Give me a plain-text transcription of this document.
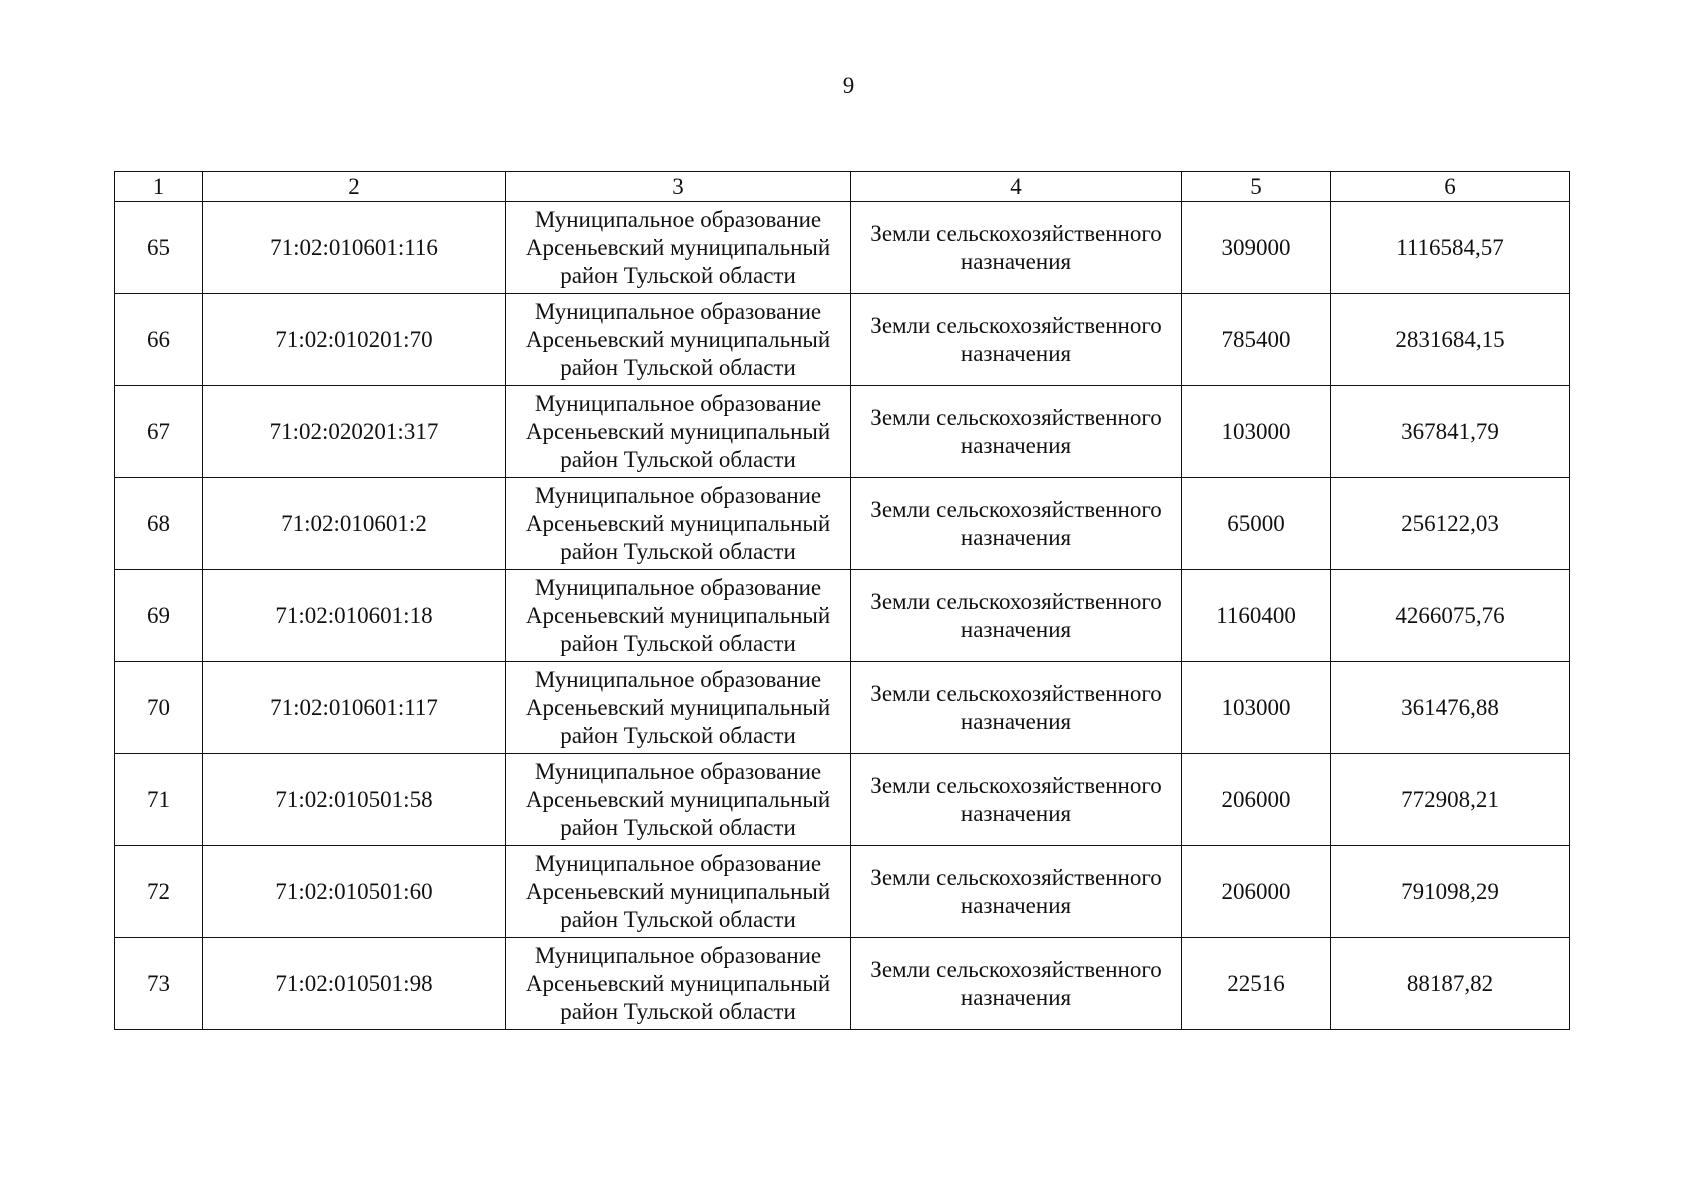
9
1	2	3	4	5	6
65	71:02:010601:116	Муниципальное образование Арсеньевский муниципальный район Тульской области	Земли сельскохозяйственного назначения	309000	1116584,57
66	71:02:010201:70	Муниципальное образование Арсеньевский муниципальный район Тульской области	Земли сельскохозяйственного назначения	785400	2831684,15
67	71:02:020201:317	Муниципальное образование Арсеньевский муниципальный район Тульской области	Земли сельскохозяйственного назначения	103000	367841,79
68	71:02:010601:2	Муниципальное образование Арсеньевский муниципальный район Тульской области	Земли сельскохозяйственного назначения	65000	256122,03
69	71:02:010601:18	Муниципальное образование Арсеньевский муниципальный район Тульской области	Земли сельскохозяйственного назначения	1160400	4266075,76
70	71:02:010601:117	Муниципальное образование Арсеньевский муниципальный район Тульской области	Земли сельскохозяйственного назначения	103000	361476,88
71	71:02:010501:58	Муниципальное образование Арсеньевский муниципальный район Тульской области	Земли сельскохозяйственного назначения	206000	772908,21
72	71:02:010501:60	Муниципальное образование Арсеньевский муниципальный район Тульской области	Земли сельскохозяйственного назначения	206000	791098,29
73	71:02:010501:98	Муниципальное образование Арсеньевский муниципальный район Тульской области	Земли сельскохозяйственного назначения	22516	88187,82
